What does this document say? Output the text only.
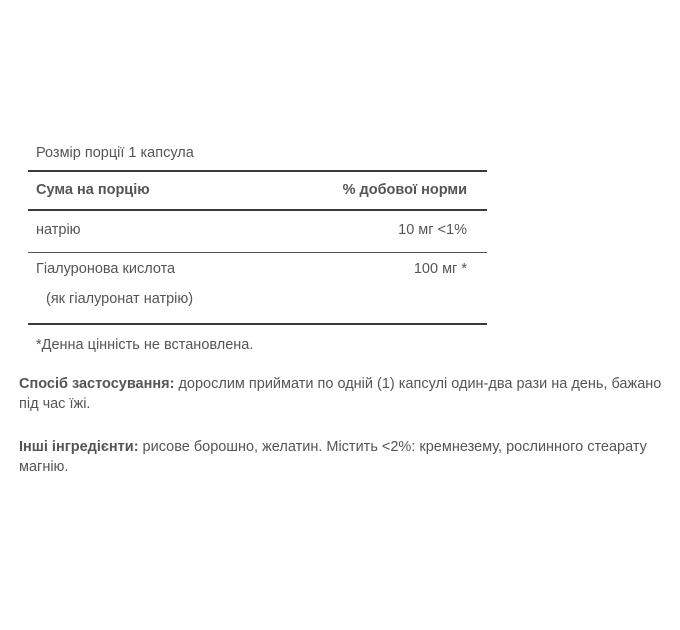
Розмір порції 1 капсула
Сума на порцію	% добової норми
натрію	10 мг <1%
Гіалуронова кислота	100 мг *
(як гіалуронат натрію)
*Денна цінність не встановлена.
Спосіб застосування: дорослим приймати по одній (1) капсулі один-два рази на день, бажано під час їжі.
Інші інгредієнти: рисове борошно, желатин. Містить <2%: кремнезему, рослинного стеарату магнію.
